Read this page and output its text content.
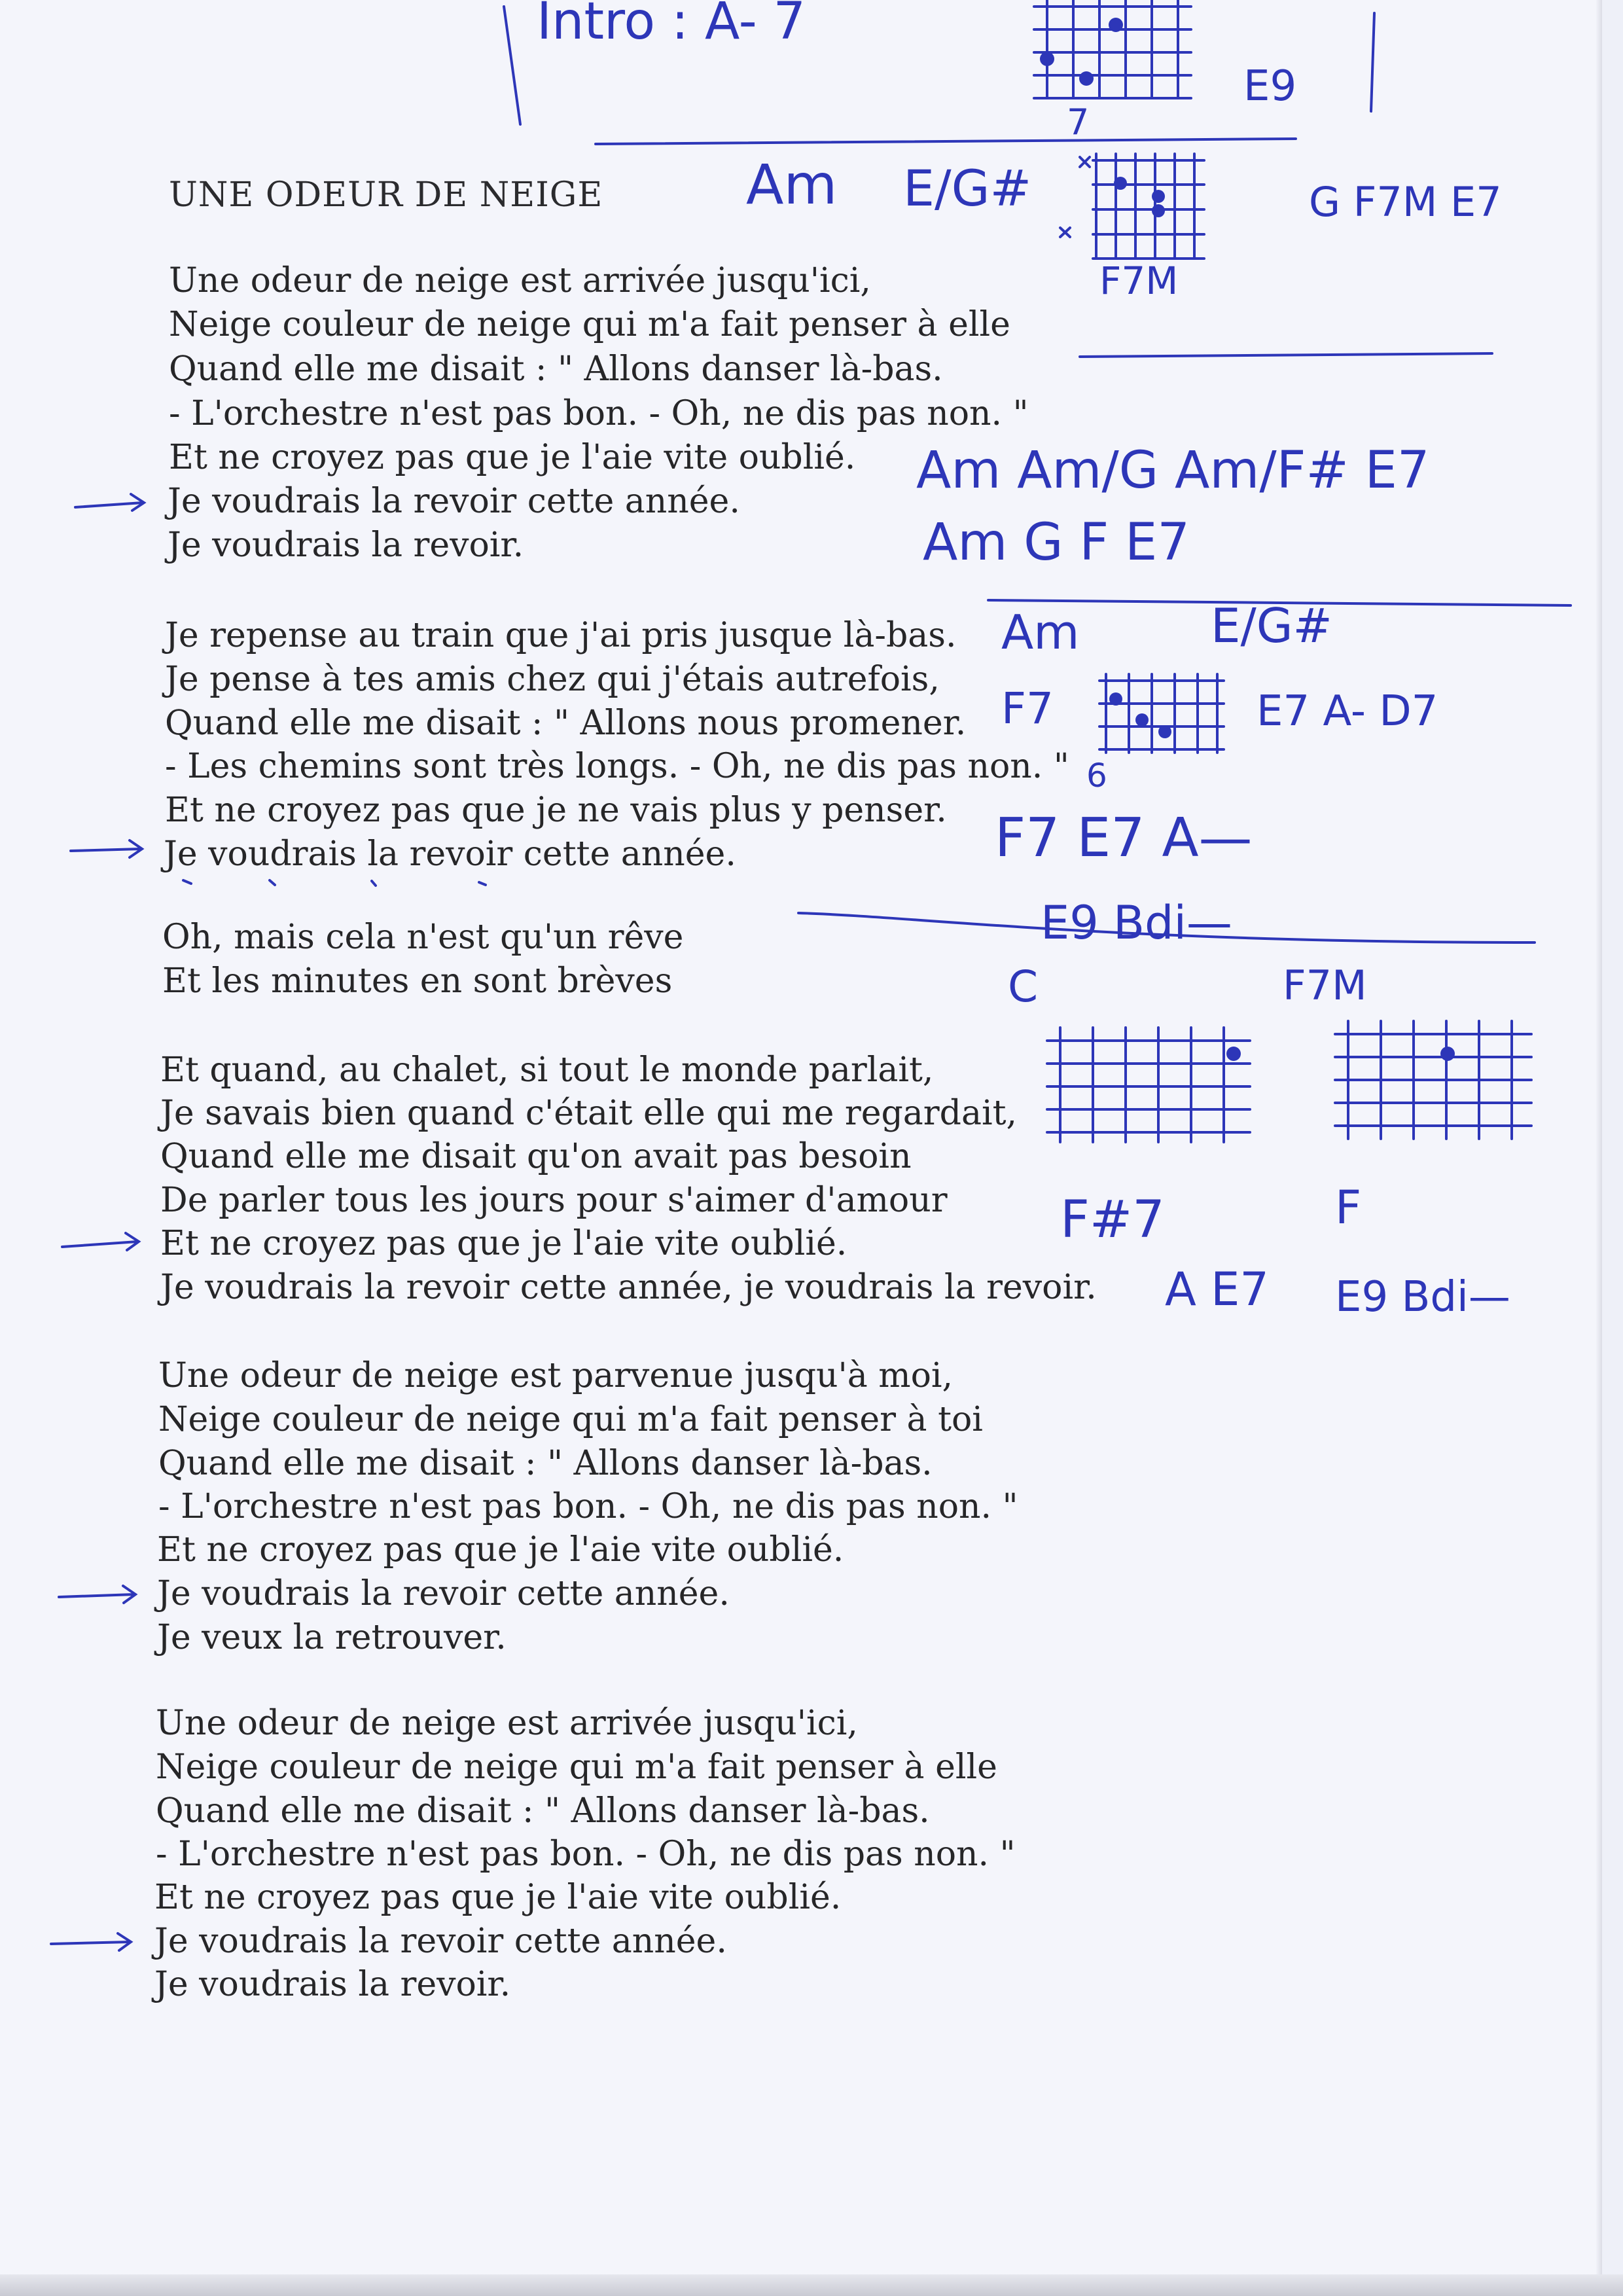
UNE ODEUR DE NEIGE
Une odeur de neige est arrivée jusqu'ici,
Neige couleur de neige qui m'a fait penser à elle
Quand elle me disait : " Allons danser là-bas.
- L'orchestre n'est pas bon. - Oh, ne dis pas non. "
Et ne croyez pas que je l'aie vite oublié.
Je voudrais la revoir cette année.
Je voudrais la revoir.
Je repense au train que j'ai pris jusque là-bas.
Je pense à tes amis chez qui j'étais autrefois,
Quand elle me disait : " Allons nous promener.
- Les chemins sont très longs. - Oh, ne dis pas non. "
Et ne croyez pas que je ne vais plus y penser.
Je voudrais la revoir cette année.
Oh, mais cela n'est qu'un rêve
Et les minutes en sont brèves
Et quand, au chalet, si tout le monde parlait,
Je savais bien quand c'était elle qui me regardait,
Quand elle me disait qu'on avait pas besoin
De parler tous les jours pour s'aimer d'amour
Et ne croyez pas que je l'aie vite oublié.
Je voudrais la revoir cette année, je voudrais la revoir.
Une odeur de neige est parvenue jusqu'à moi,
Neige couleur de neige qui m'a fait penser à toi
Quand elle me disait : " Allons danser là-bas.
- L'orchestre n'est pas bon. - Oh, ne dis pas non. "
Et ne croyez pas que je l'aie vite oublié.
Je voudrais la revoir cette année.
Je veux la retrouver.
Une odeur de neige est arrivée jusqu'ici,
Neige couleur de neige qui m'a fait penser à elle
Quand elle me disait : " Allons danser là-bas.
- L'orchestre n'est pas bon. - Oh, ne dis pas non. "
Et ne croyez pas que je l'aie vite oublié.
Je voudrais la revoir cette année.
Je voudrais la revoir.
Intro : A- 7
7
E9
Am E/G#	G F7M E7
F7M
Am Am/G Am/F# E7
Am G F E7
Am	E/G#
F7	E7 A- D7
6
F7 E7 A—
E9 Bdi—
C	F7M
F#7	F
A E7 E9 Bdi—
